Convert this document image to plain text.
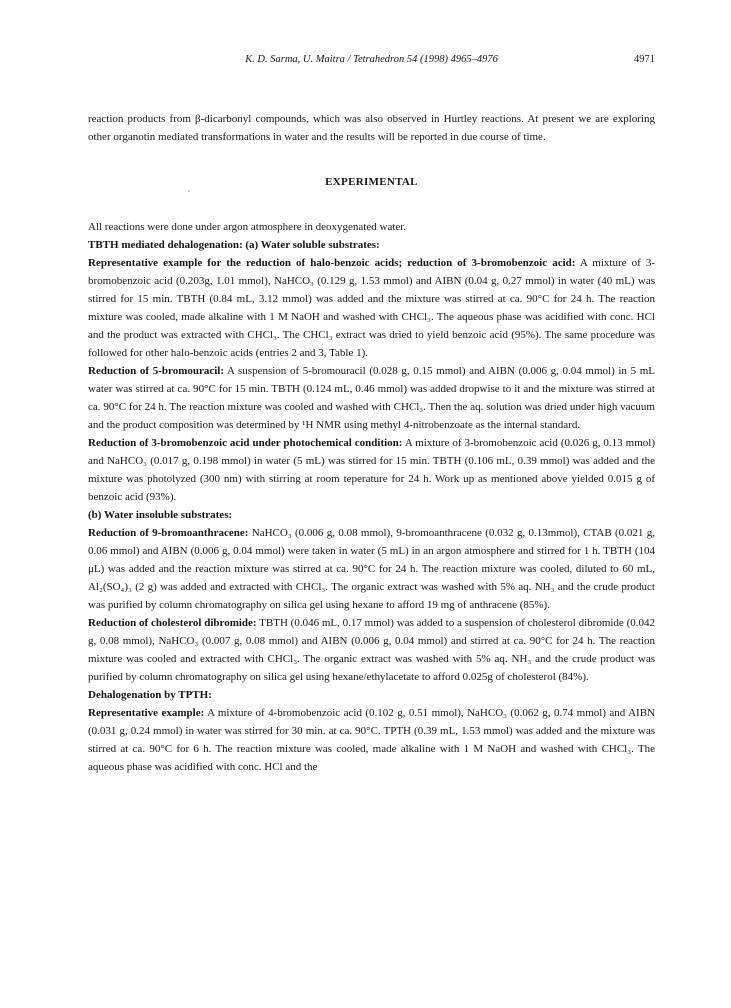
K. D. Sarma, U. Maitra / Tetrahedron 54 (1998) 4965–4976	4971

reaction products from β-dicarbonyl compounds, which was also observed in Hurtley reactions. At present we are exploring other organotin mediated transformations in water and the results will be reported in due course of time.

EXPERIMENTAL

All reactions were done under argon atmosphere in deoxygenated water.

TBTH mediated dehalogenation: (a) Water soluble substrates:

Representative example for the reduction of halo-benzoic acids; reduction of 3-bromobenzoic acid: A mixture of 3-bromobenzoic acid (0.203g, 1.01 mmol), NaHCO₃ (0.129 g, 1.53 mmol) and AIBN (0.04 g, 0.27 mmol) in water (40 mL) was stirred for 15 min. TBTH (0.84 mL, 3.12 mmol) was added and the mixture was stirred at ca. 90°C for 24 h. The reaction mixture was cooled, made alkaline with 1 M NaOH and washed with CHCl₃. The aqueous phase was acidified with conc. HCl and the product was extracted with CHCl₃. The CHCl₃ extract was dried to yield benzoic acid (95%). The same procedure was followed for other halo-benzoic acids (entries 2 and 3, Table 1).

Reduction of 5-bromouracil: A suspension of 5-bromouracil (0.028 g, 0.15 mmol) and AIBN (0.006 g, 0.04 mmol) in 5 mL water was stirred at ca. 90°C for 15 min. TBTH (0.124 mL, 0.46 mmol) was added dropwise to it and the mixture was stirred at ca. 90°C for 24 h. The reaction mixture was cooled and washed with CHCl₃. Then the aq. solution was dried under high vacuum and the product composition was determined by ¹H NMR using methyl 4-nitrobenzoate as the internal standard.

Reduction of 3-bromobenzoic acid under photochemical condition: A mixture of 3-bromobenzoic acid (0.026 g, 0.13 mmol) and NaHCO₃ (0.017 g, 0.198 mmol) in water (5 mL) was stirred for 15 min. TBTH (0.106 mL, 0.39 mmol) was added and the mixture was photolyzed (300 nm) with stirring at room teperature for 24 h. Work up as mentioned above yielded 0.015 g of benzoic acid (93%).

(b) Water insoluble substrates:

Reduction of 9-bromoanthracene: NaHCO₃ (0.006 g, 0.08 mmol), 9-bromoanthracene (0.032 g, 0.13mmol), CTAB (0.021 g, 0.06 mmol) and AIBN (0.006 g, 0.04 mmol) were taken in water (5 mL) in an argon atmosphere and stirred for 1 h. TBTH (104 μL) was added and the reaction mixture was stirred at ca. 90°C for 24 h. The reaction mixture was cooled, diluted to 60 mL, Al₂(SO₄)₃ (2 g) was added and extracted with CHCl₃. The organic extract was washed with 5% aq. NH₃ and the crude product was purified by column chromatography on silica gel using hexane to afford 19 mg of anthracene (85%).

Reduction of cholesterol dibromide: TBTH (0.046 mL, 0.17 mmol) was added to a suspension of cholesterol dibromide (0.042 g, 0.08 mmol), NaHCO₃ (0.007 g, 0.08 mmol) and AIBN (0.006 g, 0.04 mmol) and stirred at ca. 90°C for 24 h. The reaction mixture was cooled and extracted with CHCl₃. The organic extract was washed with 5% aq. NH₃ and the crude product was purified by column chromatography on silica gel using hexane/ethylacetate to afford 0.025g of cholesterol (84%).

Dehalogenation by TPTH:

Representative example: A mixture of 4-bromobenzoic acid (0.102 g, 0.51 mmol), NaHCO₃ (0.062 g, 0.74 mmol) and AIBN (0.031 g, 0.24 mmol) in water was stirred for 30 min. at ca. 90°C. TPTH (0.39 mL, 1.53 mmol) was added and the mixture was stirred at ca. 90°C for 6 h. The reaction mixture was cooled, made alkaline with 1 M NaOH and washed with CHCl₃. The aqueous phase was acidified with conc. HCl and the
